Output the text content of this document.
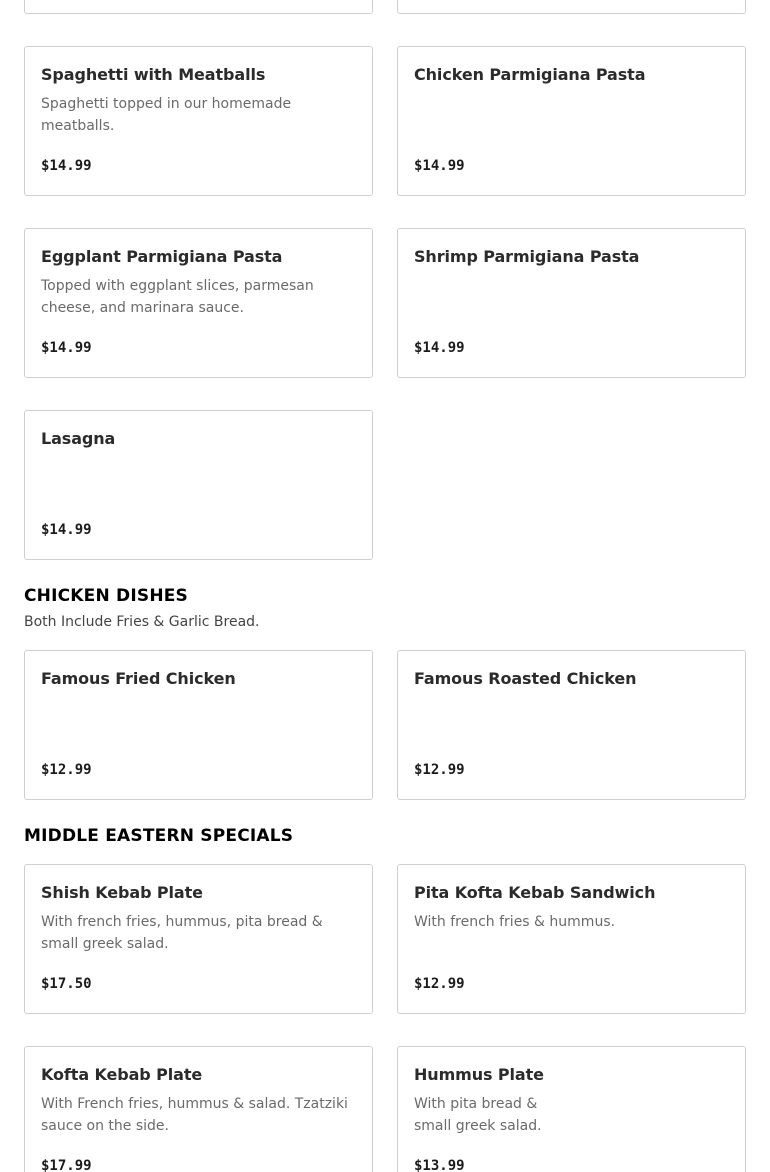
Spaghetti with Meatballs
Spaghetti topped in our homemade meatballs.
$14.99
Chicken Parmigiana Pasta
$14.99
Eggplant Parmigiana Pasta
Topped with eggplant slices, parmesan cheese, and marinara sauce.
$14.99
Shrimp Parmigiana Pasta
$14.99
Lasagna
$14.99
CHICKEN DISHES
Both Include Fries & Garlic Bread.
Famous Fried Chicken
$12.99
Famous Roasted Chicken
$12.99
MIDDLE EASTERN SPECIALS
Shish Kebab Plate
With french fries, hummus, pita bread & small greek salad.
$17.50
Pita Kofta Kebab Sandwich
With french fries & hummus.
$12.99
Kofta Kebab Plate
With French fries, hummus & salad. Tzatziki sauce on the side.
$17.99
Hummus Plate
With pita bread & small greek salad.
$13.99
